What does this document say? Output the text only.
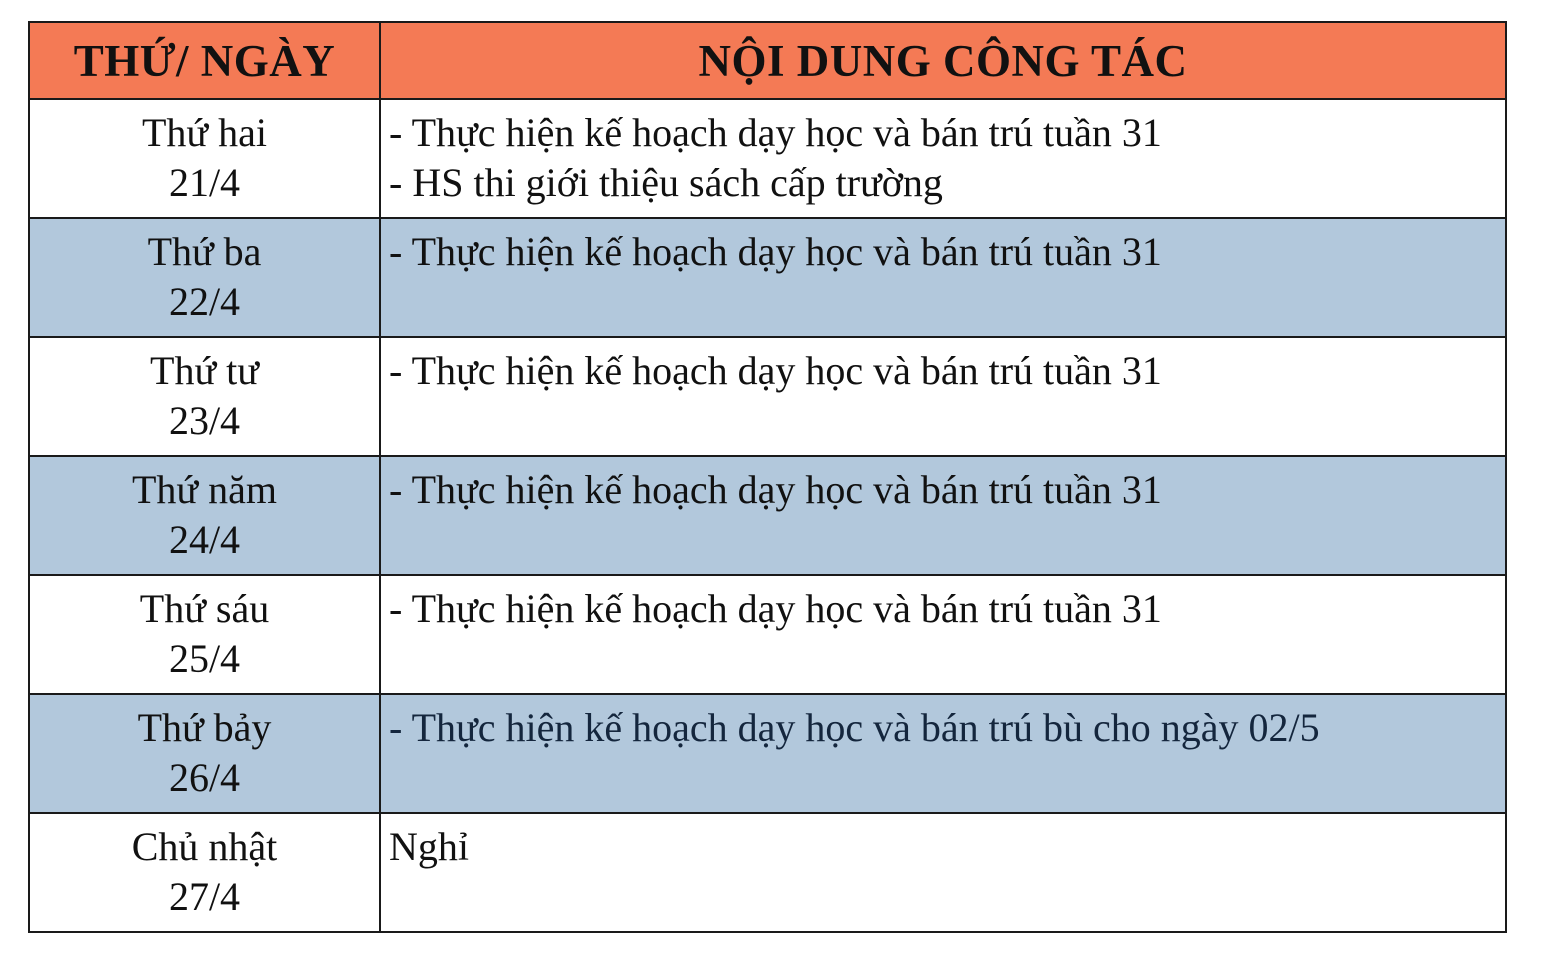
THỨ/ NGÀY	NỘI DUNG CÔNG TÁC

Thứ hai
21/4	- Thực hiện kế hoạch dạy học và bán trú tuần 31
- HS thi giới thiệu sách cấp trường

Thứ ba
22/4	- Thực hiện kế hoạch dạy học và bán trú tuần 31

Thứ tư
23/4	- Thực hiện kế hoạch dạy học và bán trú tuần 31

Thứ năm
24/4	- Thực hiện kế hoạch dạy học và bán trú tuần 31

Thứ sáu
25/4	- Thực hiện kế hoạch dạy học và bán trú tuần 31

Thứ bảy
26/4	- Thực hiện kế hoạch dạy học và bán trú bù cho ngày 02/5

Chủ nhật
27/4	Nghỉ
